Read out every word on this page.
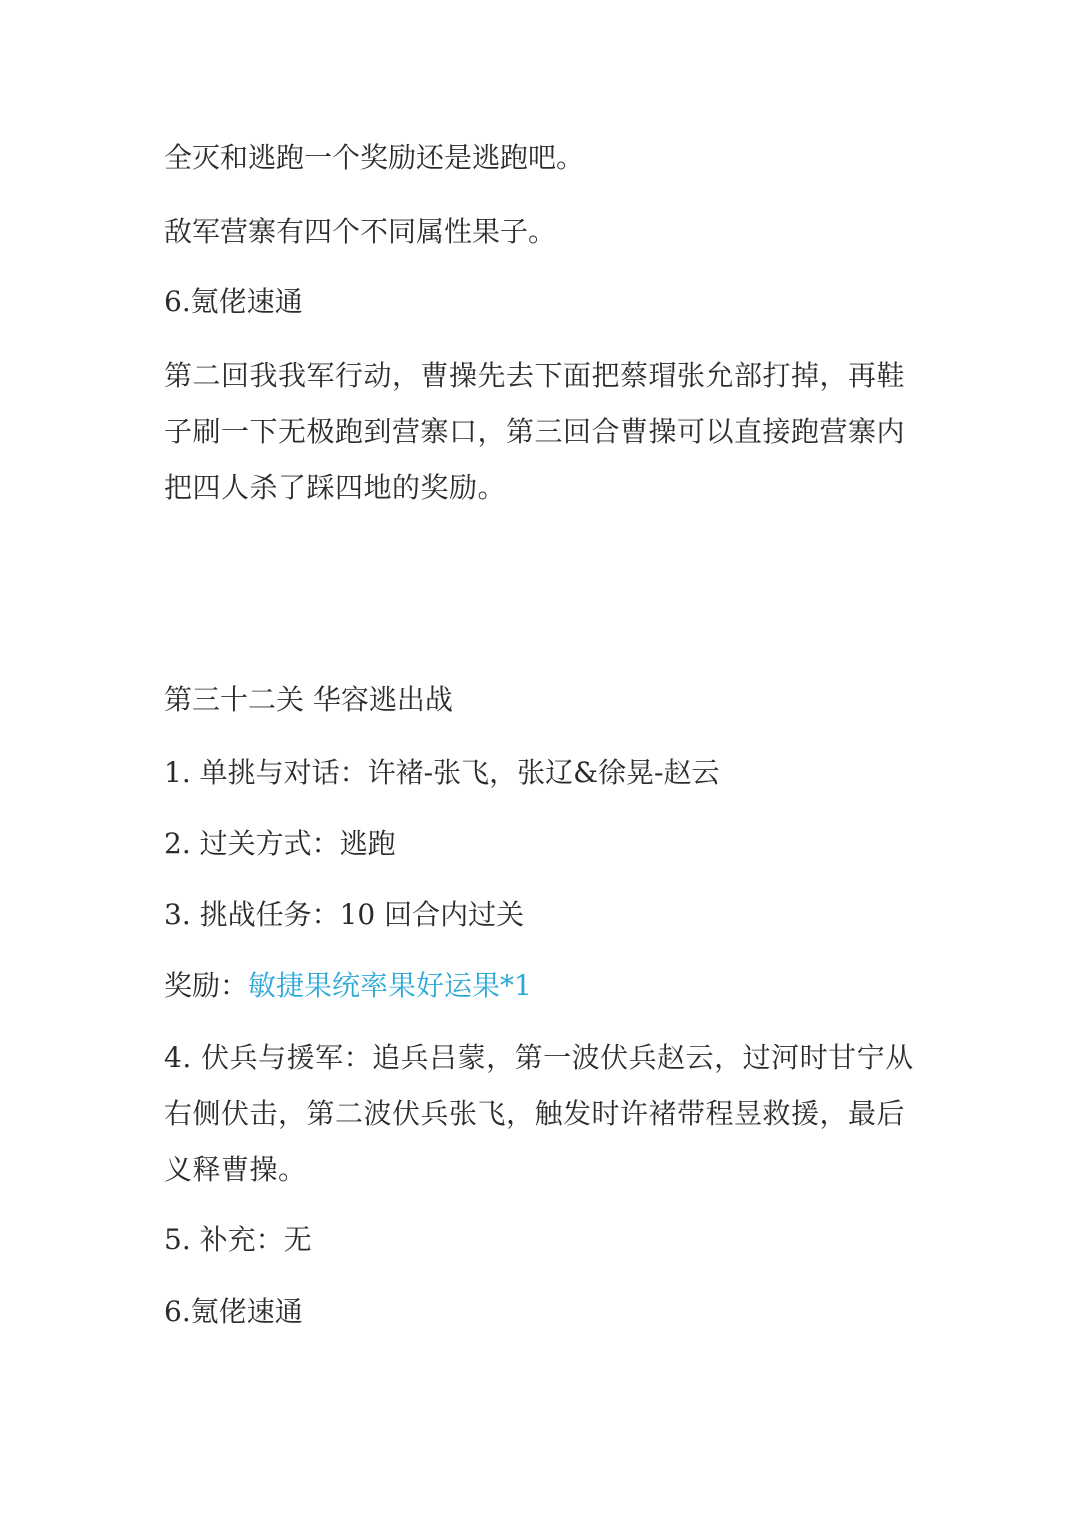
全灭和逃跑一个奖励还是逃跑吧。
敌军营寨有四个不同属性果子。
6.氪佬速通
第二回我我军行动，曹操先去下面把蔡瑁张允部打掉，再鞋子刷一下无极跑到营寨口，第三回合曹操可以直接跑营寨内把四人杀了踩四地的奖励。
第三十二关 华容逃出战
1. 单挑与对话：许褚-张飞，张辽&徐晃-赵云
2. 过关方式：逃跑
3. 挑战任务：10 回合内过关
奖励：敏捷果统率果好运果*1
4. 伏兵与援军：追兵吕蒙，第一波伏兵赵云，过河时甘宁从右侧伏击，第二波伏兵张飞，触发时许褚带程昱救援，最后义释曹操。
5. 补充：无
6.氪佬速通
